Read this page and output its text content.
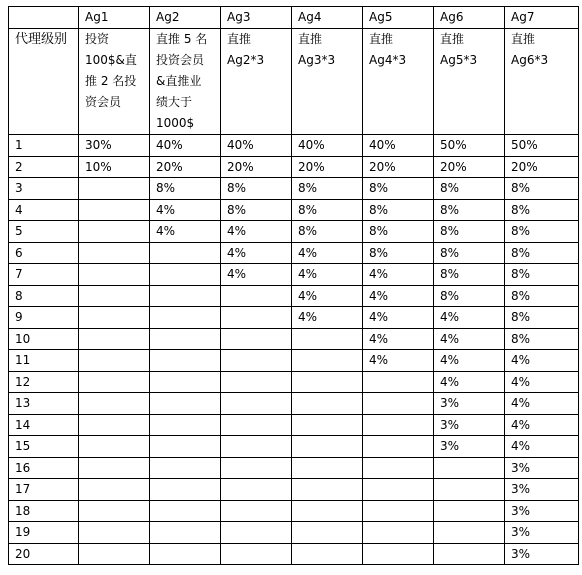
	Ag1	Ag2	Ag3	Ag4	Ag5	Ag6	Ag7
代理级别	投资
100$&直
推 2 名投
资会员	直推 5 名
投资会员
&直推业
绩大于
1000$	直推
Ag2*3	直推
Ag3*3	直推
Ag4*3	直推
Ag5*3	直推
Ag6*3
1	30%	40%	40%	40%	40%	50%	50%
2	10%	20%	20%	20%	20%	20%	20%
3		8%	8%	8%	8%	8%	8%
4		4%	8%	8%	8%	8%	8%
5		4%	4%	8%	8%	8%	8%
6			4%	4%	8%	8%	8%
7			4%	4%	4%	8%	8%
8				4%	4%	8%	8%
9				4%	4%	4%	8%
10					4%	4%	8%
11					4%	4%	4%
12						4%	4%
13						3%	4%
14						3%	4%
15						3%	4%
16							3%
17							3%
18							3%
19							3%
20							3%
